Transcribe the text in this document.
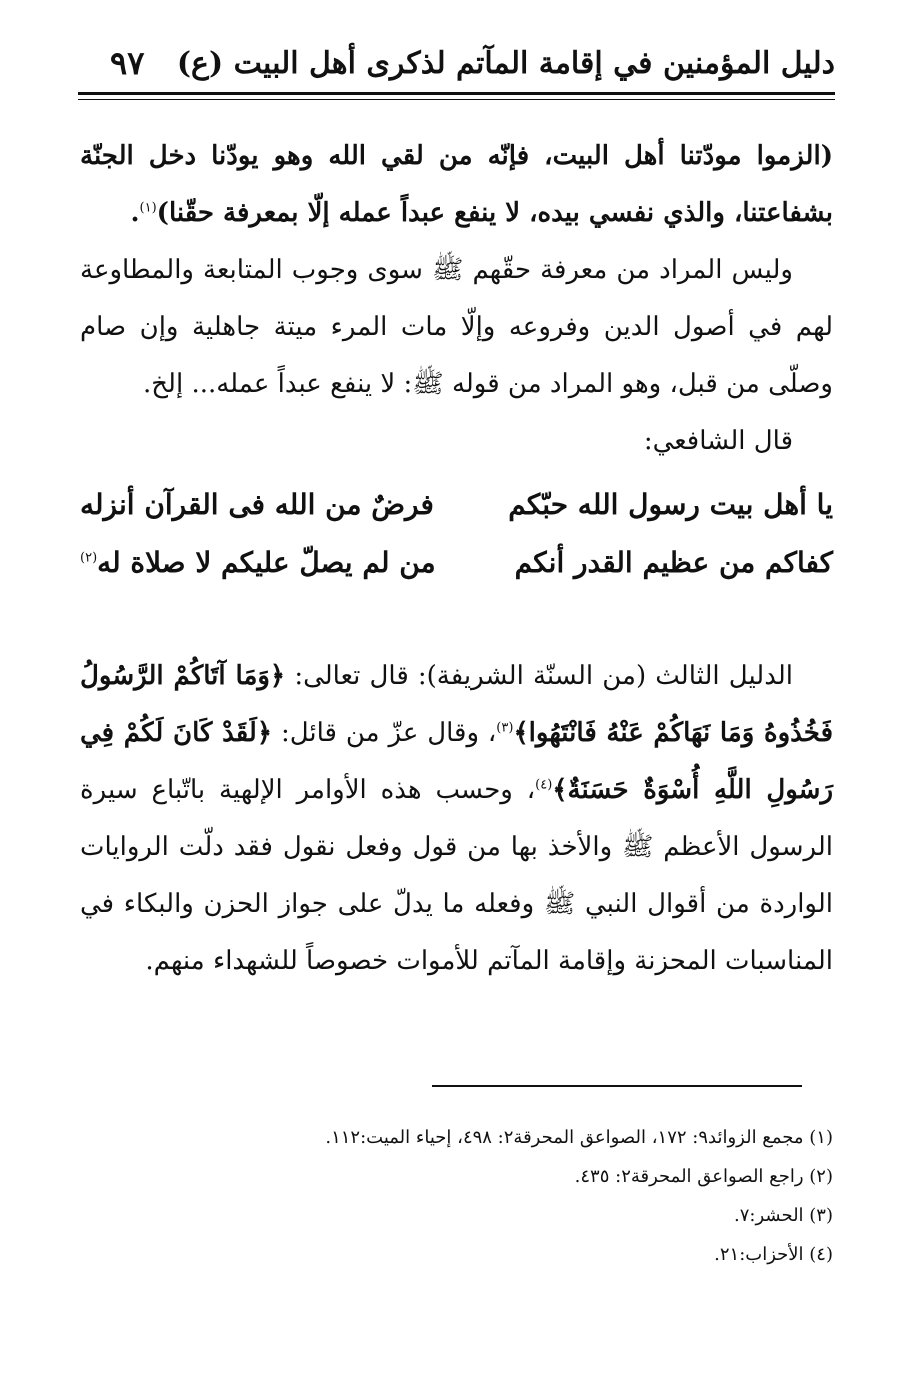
دليل المؤمنين في إقامة المآتم لذكرى أهل البيت (ع)
٩٧

(الزموا مودّتنا أهل البيت، فإنّه من لقي الله وهو يودّنا دخل الجنّة بشفاعتنا، والذي نفسي بيده، لا ينفع عبداً عمله إلّا بمعرفة حقّنا)$^{(١)}$.

وليس المراد من معرفة حقّهم ﷺ سوى وجوب المتابعة والمطاوعة لهم في أصول الدين وفروعه وإلّا مات المرء ميتة جاهلية وإن صام وصلّى من قبل، وهو المراد من قوله ﷺ: لا ينفع عبداً عمله... إلخ.

قال الشافعي:

يا أهل بيت رسول الله حبّكم
فرضٌ من الله فى القرآن أنزله
كفاكم من عظيم القدر أنكم
من لم يصلّ عليكم لا صلاة له$^{(٢)}$

الدليل الثالث (من السنّة الشريفة): قال تعالى: ﴿وَمَا آتَاكُمْ الرَّسُولُ فَخُذُوهُ وَمَا نَهَاكُمْ عَنْهُ فَانْتَهُوا﴾$^{(٣)}$، وقال عزّ من قائل: ﴿لَقَدْ كَانَ لَكُمْ فِي رَسُولِ اللَّهِ أُسْوَةٌ حَسَنَةٌ﴾$^{(٤)}$، وحسب هذه الأوامر الإلهية باتّباع سيرة الرسول الأعظم ﷺ والأخذ بها من قول وفعل نقول فقد دلّت الروايات الواردة من أقوال النبي ﷺ وفعله ما يدلّ على جواز الحزن والبكاء في المناسبات المحزنة وإقامة المآتم للأموات خصوصاً للشهداء منهم.

(١) مجمع الزوائد٩: ١٧٢، الصواعق المحرقة٢: ٤٩٨، إحياء الميت:١١٢.

(٢) راجع الصواعق المحرقة٢: ٤٣٥.

(٣) الحشر:٧.

(٤) الأحزاب:٢١.
